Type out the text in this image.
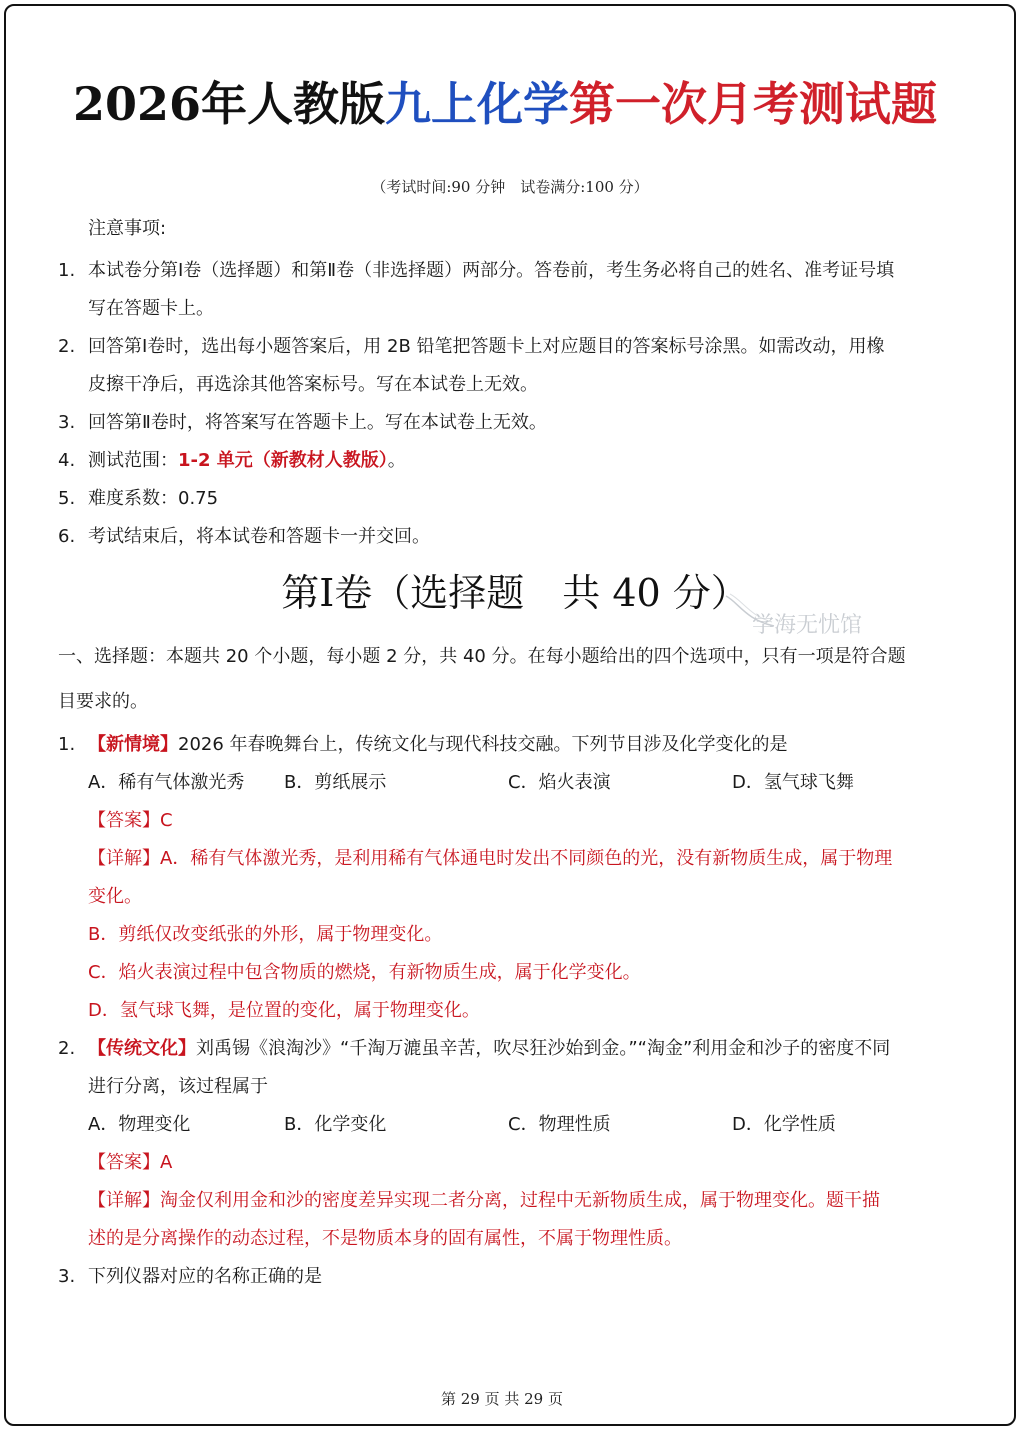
2026年人教版九上化学第一次月考测试题
（考试时间:90 分钟　试卷满分:100 分）
注意事项:
1. 本试卷分第Ⅰ卷（选择题）和第Ⅱ卷（非选择题）两部分。答卷前，考生务必将自己的姓名、准考证号填
写在答题卡上。
2. 回答第Ⅰ卷时，选出每小题答案后，用 2B 铅笔把答题卡上对应题目的答案标号涂黑。如需改动，用橡
皮擦干净后，再选涂其他答案标号。写在本试卷上无效。
3. 回答第Ⅱ卷时，将答案写在答题卡上。写在本试卷上无效。
4. 测试范围：1-2 单元（新教材人教版）。
5. 难度系数：0.75
6. 考试结束后，将本试卷和答题卡一并交回。
第Ⅰ卷（选择题　共 40 分）
学海无忧馆
一、选择题：本题共 20 个小题，每小题 2 分，共 40 分。在每小题给出的四个选项中，只有一项是符合题
目要求的。
1. 【新情境】2026 年春晚舞台上，传统文化与现代科技交融。下列节目涉及化学变化的是
A．稀有气体激光秀 B．剪纸展示	C．焰火表演	D．氢气球飞舞
【答案】C
【详解】A．稀有气体激光秀，是利用稀有气体通电时发出不同颜色的光，没有新物质生成，属于物理
变化。
B．剪纸仅改变纸张的外形，属于物理变化。
C．焰火表演过程中包含物质的燃烧，有新物质生成，属于化学变化。
D．氢气球飞舞，是位置的变化，属于物理变化。
2. 【传统文化】刘禹锡《浪淘沙》“千淘万漉虽辛苦，吹尽狂沙始到金。”“淘金”利用金和沙子的密度不同
进行分离，该过程属于
A．物理变化	B．化学变化	C．物理性质	D．化学性质
【答案】A
【详解】淘金仅利用金和沙的密度差异实现二者分离，过程中无新物质生成，属于物理变化。题干描
述的是分离操作的动态过程，不是物质本身的固有属性，不属于物理性质。
3. 下列仪器对应的名称正确的是
第 29 页 共 29 页
